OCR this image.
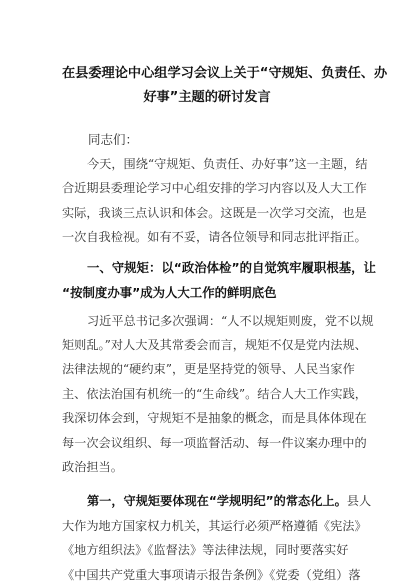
在县委理论中心组学习会议上关于“守规矩、负责任、办
好事”主题的研讨发言

同志们：

今天，围绕“守规矩、负责任、办好事”这一主题，结
合近期县委理论学习中心组安排的学习内容以及人大工作
实际，我谈三点认识和体会。这既是一次学习交流，也是
一次自我检视。如有不妥，请各位领导和同志批评指正。

一、守规矩：以“政治体检”的自觉筑牢履职根基，让
“按制度办事”成为人大工作的鲜明底色

习近平总书记多次强调：“人不以规矩则废，党不以规
矩则乱。”对人大及其常委会而言，规矩不仅是党内法规、
法律法规的“硬约束”，更是坚持党的领导、人民当家作
主、依法治国有机统一的“生命线”。结合人大工作实践，
我深切体会到，守规矩不是抽象的概念，而是具体体现在
每一次会议组织、每一项监督活动、每一件议案办理中的
政治担当。

第一，守规矩要体现在“学规明纪”的常态化上。县人
大作为地方国家权力机关，其运行必须严格遵循《宪法》
《地方组织法》《监督法》等法律法规，同时要落实好
《中国共产党重大事项请示报告条例》《党委（党组）落
